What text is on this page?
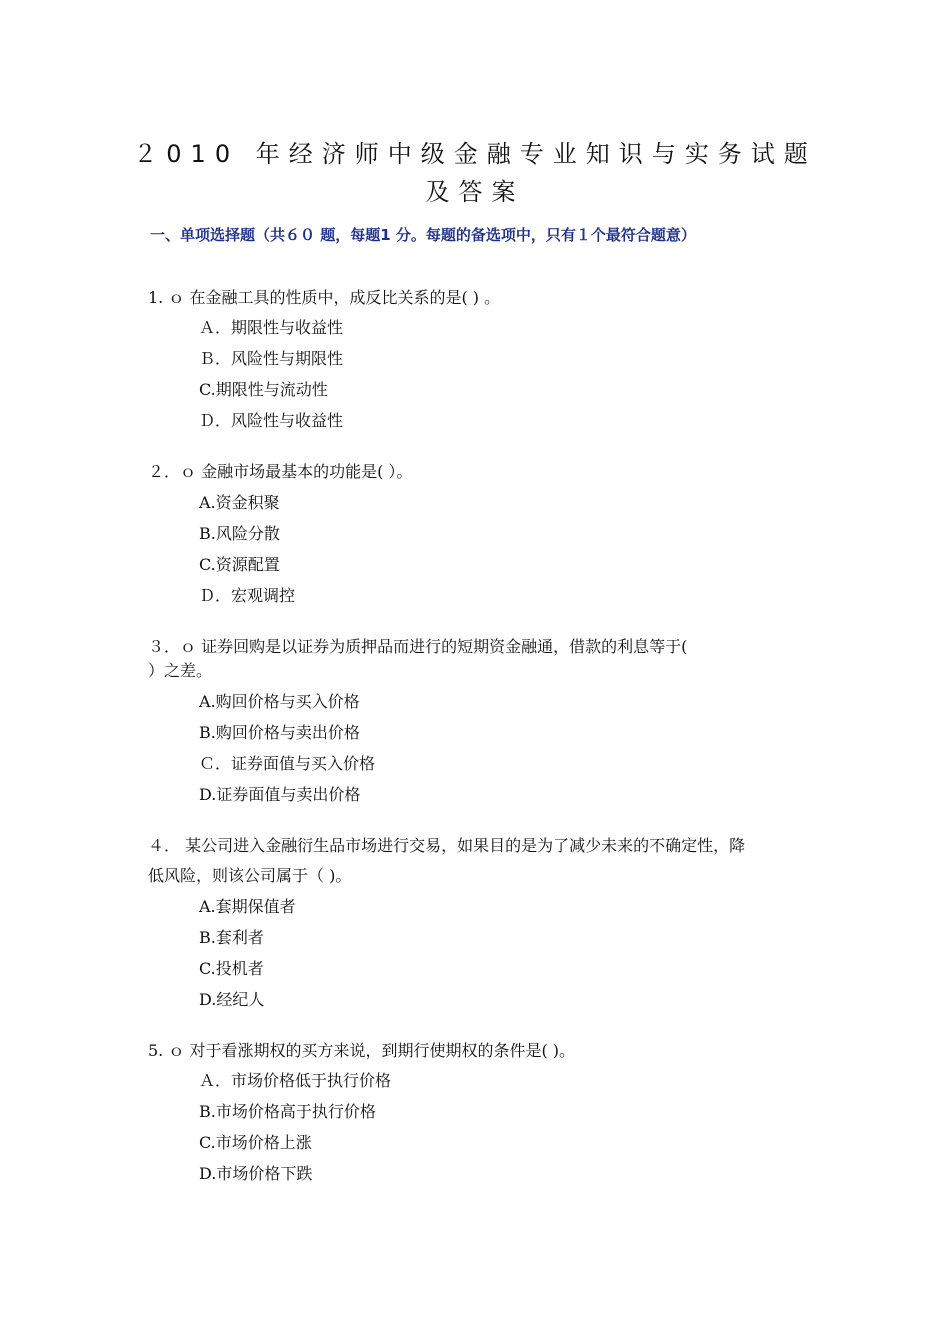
２010 年经济师中级金融专业知识与实务试题
及答案
一、单项选择题（共６０ 题，每题1 分。每题的备选项中，只有１个最符合题意）
1. ｏ 在金融工具的性质中，成反比关系的是( ) 。
Ａ．期限性与收益性
Ｂ．风险性与期限性
C.期限性与流动性
Ｄ．风险性与收益性
２．ｏ 金融市场最基本的功能是( ）。
A.资金积聚
B.风险分散
C.资源配置
Ｄ．宏观调控
３．ｏ 证券回购是以证券为质押品而进行的短期资金融通，借款的利息等于(
）之差。
A.购回价格与买入价格
B.购回价格与卖出价格
Ｃ．证券面值与买入价格
D.证券面值与卖出价格
４． 某公司进入金融衍生品市场进行交易，如果目的是为了减少未来的不确定性，降
低风险，则该公司属于（ )。
A.套期保值者
B.套利者
C.投机者
D.经纪人
5. ｏ 对于看涨期权的买方来说，到期行使期权的条件是( )。
Ａ．市场价格低于执行价格
B.市场价格高于执行价格
C.市场价格上涨
D.市场价格下跌
